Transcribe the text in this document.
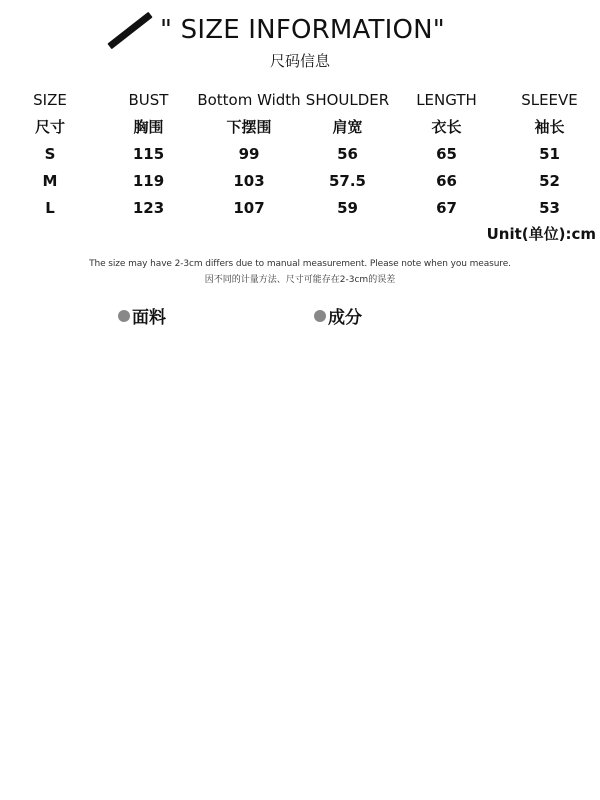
" SIZE INFORMATION"
尺码信息
SIZE	BUST	Bottom Width	SHOULDER	LENGTH	SLEEVE
尺寸	胸围	下摆围	肩宽	衣长	袖长
S	115	99	56	65	51
M	119	103	57.5	66	52
L	123	107	59	67	53
Unit(单位):cm
The size may have 2-3cm differs due to manual measurement. Please note when you measure.
因不同的计量方法、尺寸可能存在2-3cm的误差
面料	成分
